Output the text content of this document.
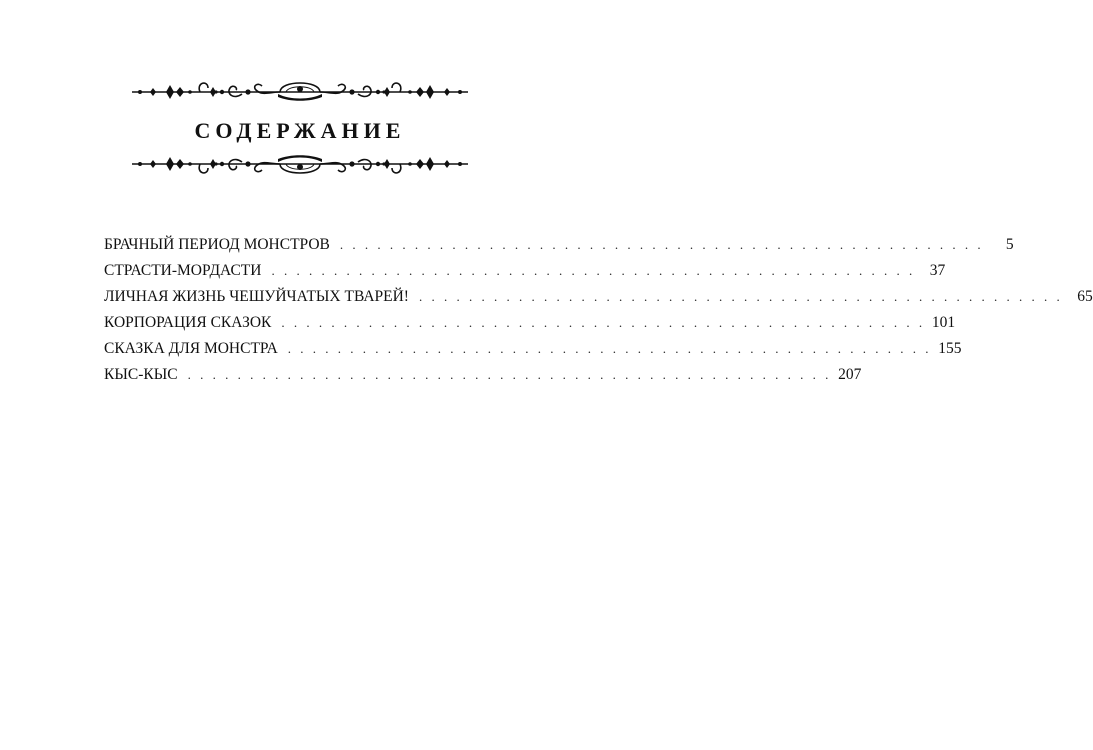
СОДЕРЖАНИЕ
БРАЧНЫЙ ПЕРИОД МОНСТРОВ . . . . . . . . . . . . . . . . . . . . . . . . . . . . . . . . . . . . . . . . . . . . . . . . . . . .	5
СТРАСТИ-МОРДАСТИ . . . . . . . . . . . . . . . . . . . . . . . . . . . . . . . . . . . . . . . . . . . . . . . . . . . . 37
ЛИЧНАЯ ЖИЗНЬ ЧЕШУЙЧАТЫХ ТВАРЕЙ! . . . . . . . . . . . . . . . . . . . . . . . . . . . . . . . . . . . . . . . . . . . . . . . . . . . . 65
КОРПОРАЦИЯ СКАЗОК . . . . . . . . . . . . . . . . . . . . . . . . . . . . . . . . . . . . . . . . . . . . . . . . . . . . 101
СКАЗКА ДЛЯ МОНСТРА . . . . . . . . . . . . . . . . . . . . . . . . . . . . . . . . . . . . . . . . . . . . . . . . . . . . 155
КЫС-КЫС . . . . . . . . . . . . . . . . . . . . . . . . . . . . . . . . . . . . . . . . . . . . . . . . . . . . 207
